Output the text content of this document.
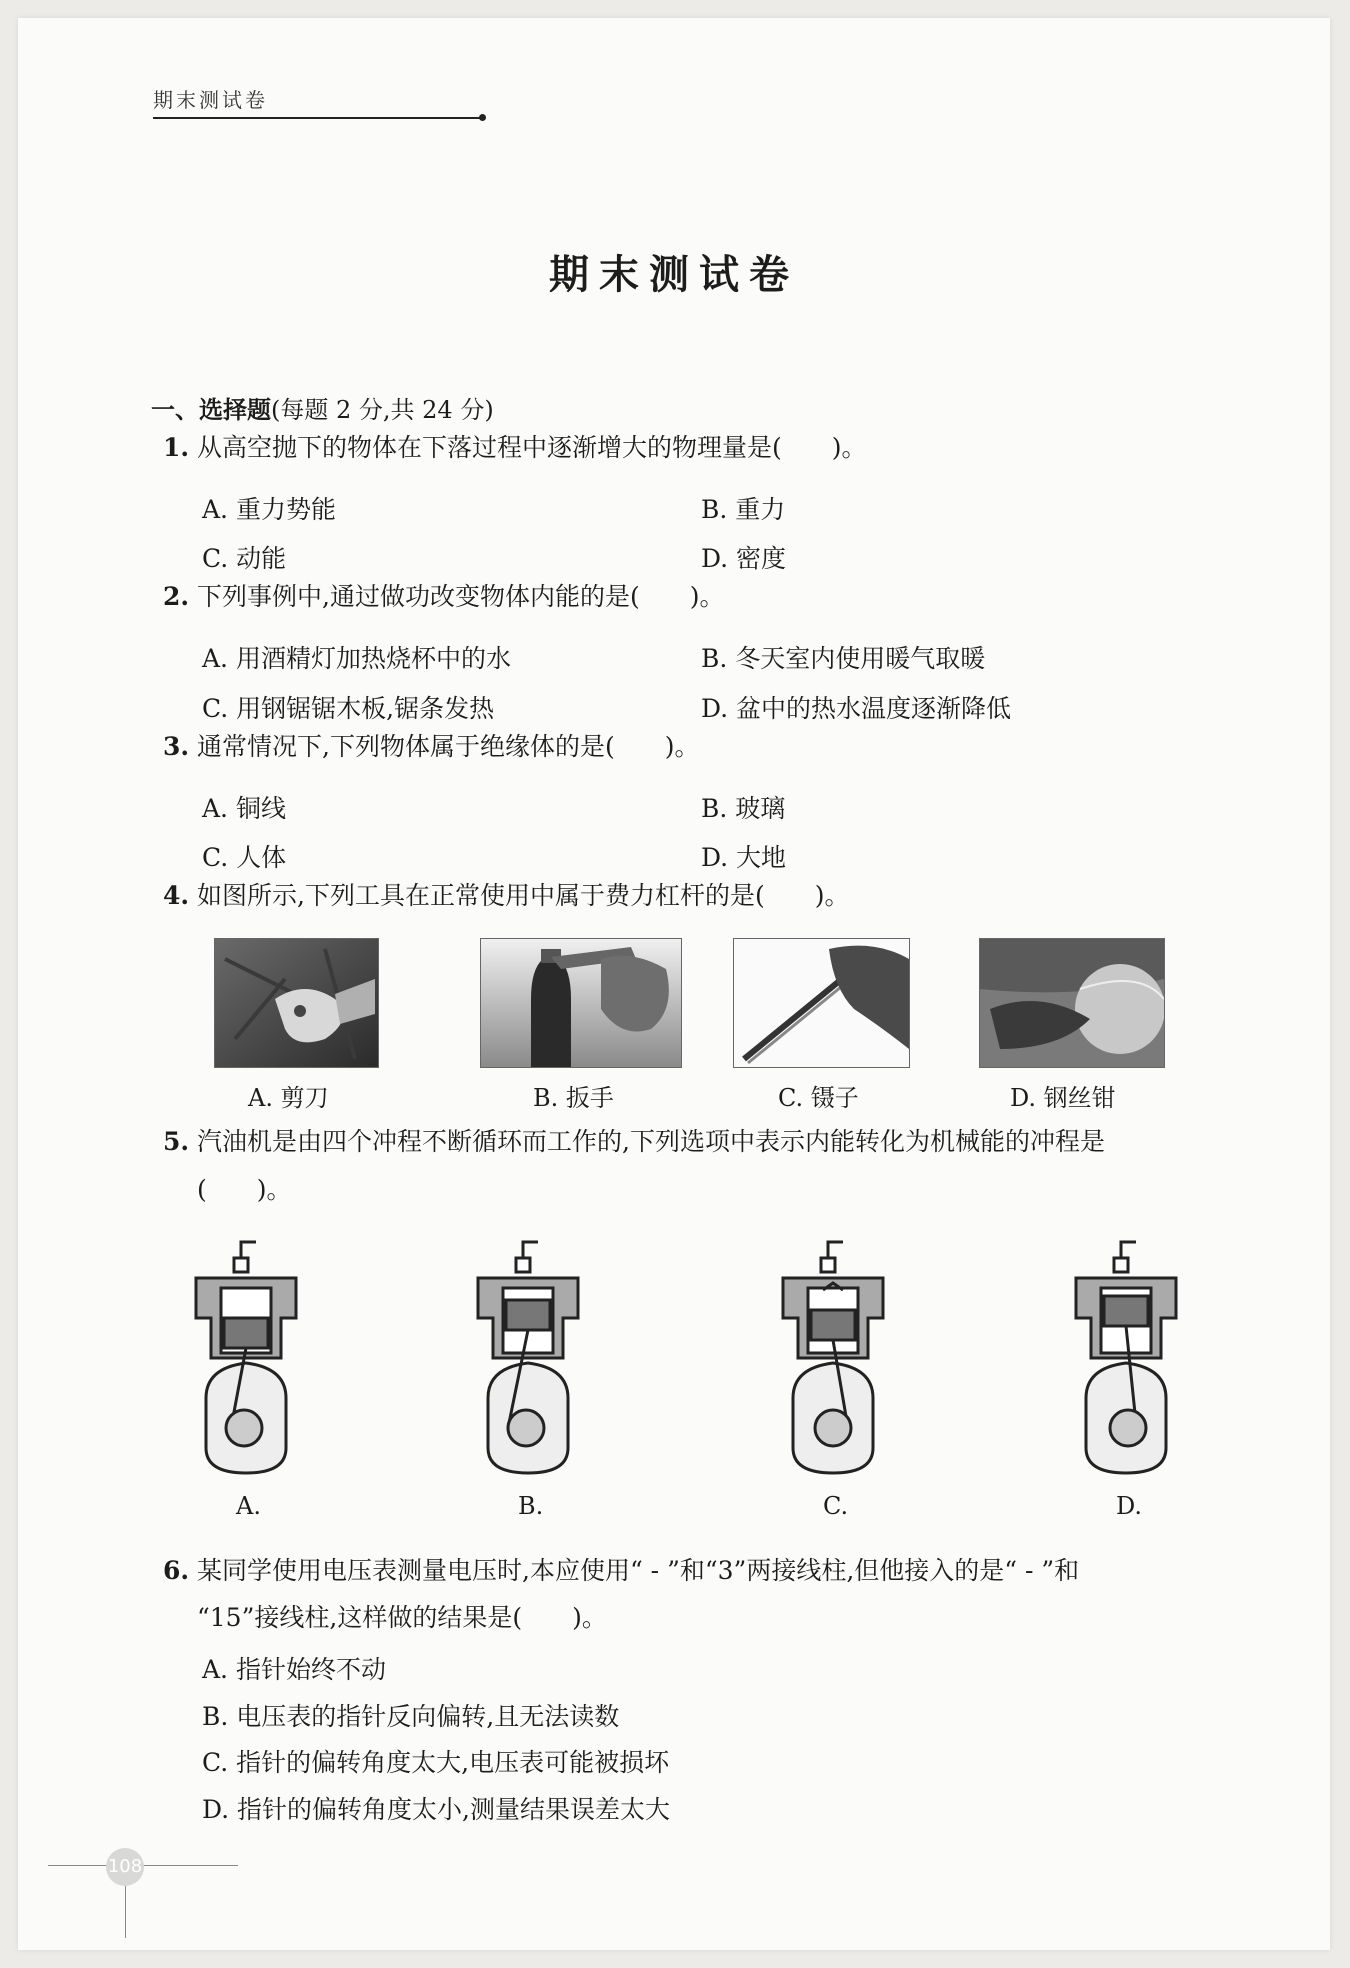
期末测试卷
期末测试卷
一、选择题(每题 2 分,共 24 分)
1. 从高空抛下的物体在下落过程中逐渐增大的物理量是(　　)。
A. 重力势能	B. 重力
C. 动能	D. 密度
2. 下列事例中,通过做功改变物体内能的是(　　)。
A. 用酒精灯加热烧杯中的水	B. 冬天室内使用暖气取暖
C. 用钢锯锯木板,锯条发热	D. 盆中的热水温度逐渐降低
3. 通常情况下,下列物体属于绝缘体的是(　　)。
A. 铜线	B. 玻璃
C. 人体	D. 大地
4. 如图所示,下列工具在正常使用中属于费力杠杆的是(　　)。
A. 剪刀	B. 扳手	C. 镊子	D. 钢丝钳
5. 汽油机是由四个冲程不断循环而工作的,下列选项中表示内能转化为机械能的冲程是
(　　)。
A.	B.	C.	D.
6. 某同学使用电压表测量电压时,本应使用“ - ”和“3”两接线柱,但他接入的是“ - ”和
“15”接线柱,这样做的结果是(　　)。
A. 指针始终不动
B. 电压表的指针反向偏转,且无法读数
C. 指针的偏转角度太大,电压表可能被损坏
D. 指针的偏转角度太小,测量结果误差太大
108
